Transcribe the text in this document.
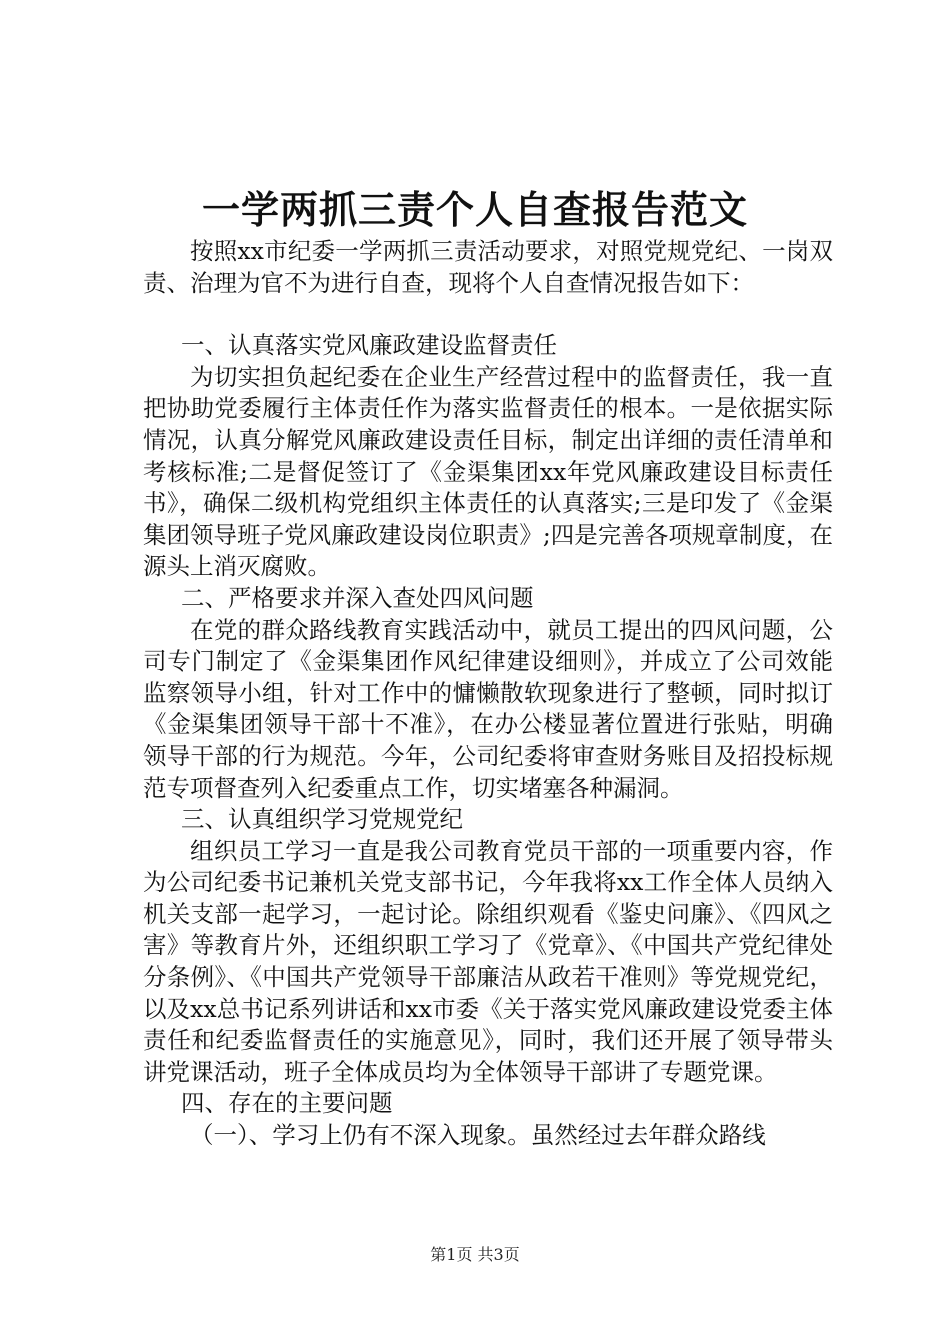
一学两抓三责个人自查报告范文

按照xx市纪委一学两抓三责活动要求，对照党规党纪、一岗双责、治理为官不为进行自查，现将个人自查情况报告如下：

一、认真落实党风廉政建设监督责任

为切实担负起纪委在企业生产经营过程中的监督责任，我一直把协助党委履行主体责任作为落实监督责任的根本。一是依据实际情况，认真分解党风廉政建设责任目标，制定出详细的责任清单和考核标准;二是督促签订了《金渠集团xx年党风廉政建设目标责任书》，确保二级机构党组织主体责任的认真落实;三是印发了《金渠集团领导班子党风廉政建设岗位职责》;四是完善各项规章制度，在源头上消灭腐败。

二、严格要求并深入查处四风问题

在党的群众路线教育实践活动中，就员工提出的四风问题，公司专门制定了《金渠集团作风纪律建设细则》，并成立了公司效能监察领导小组，针对工作中的慵懒散软现象进行了整顿，同时拟订《金渠集团领导干部十不准》，在办公楼显著位置进行张贴，明确领导干部的行为规范。今年，公司纪委将审查财务账目及招投标规范专项督查列入纪委重点工作，切实堵塞各种漏洞。

三、认真组织学习党规党纪

组织员工学习一直是我公司教育党员干部的一项重要内容，作为公司纪委书记兼机关党支部书记，今年我将xx工作全体人员纳入机关支部一起学习，一起讨论。除组织观看《鉴史问廉》、《四风之害》等教育片外，还组织职工学习了《党章》、《中国共产党纪律处分条例》、《中国共产党领导干部廉洁从政若干准则》等党规党纪，以及xx总书记系列讲话和xx市委《关于落实党风廉政建设党委主体责任和纪委监督责任的实施意见》，同时，我们还开展了领导带头讲党课活动，班子全体成员均为全体领导干部讲了专题党课。

四、存在的主要问题

（一）、学习上仍有不深入现象。虽然经过去年群众路线

第1页 共3页
